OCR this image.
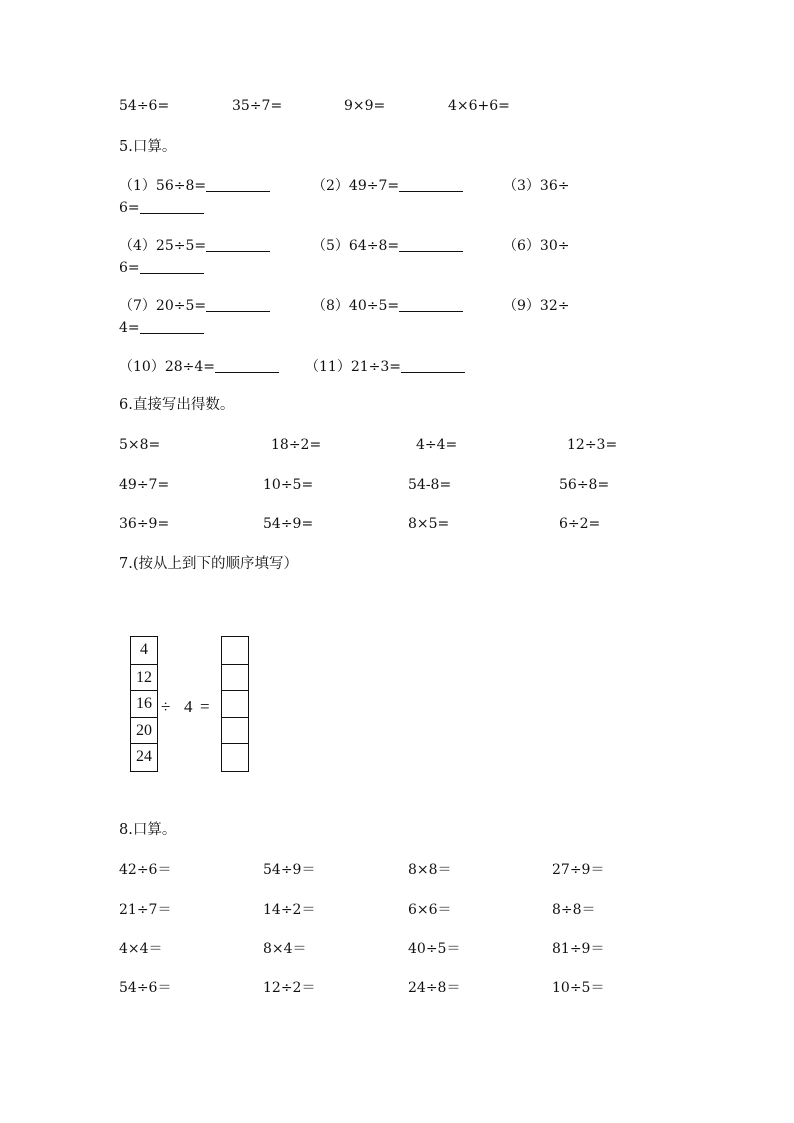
54÷6=	35÷7=	9×9=	4×6+6=
5.口算。
（1）56÷8=	（2）49÷7=	（3）36÷
6=
（4）25÷5=	（5）64÷8=	（6）30÷
6=
（7）20÷5=	（8）40÷5=	（9）32÷
4=
（10）28÷4=	（11）21÷3=
6.直接写出得数。
5×8=	18÷2=	4÷4=	12÷3=
49÷7=	10÷5=	54-8=	56÷8=
36÷9=	54÷9=	8×5=	6÷2=
7.(按从上到下的顺序填写）
4
12
16
20
24
÷ 4 =
8.口算。
42÷6＝	54÷9＝	8×8＝	27÷9＝
21÷7＝	14÷2＝	6×6＝	8÷8＝
4×4＝	8×4＝	40÷5＝	81÷9＝
54÷6＝	12÷2＝	24÷8＝	10÷5＝
